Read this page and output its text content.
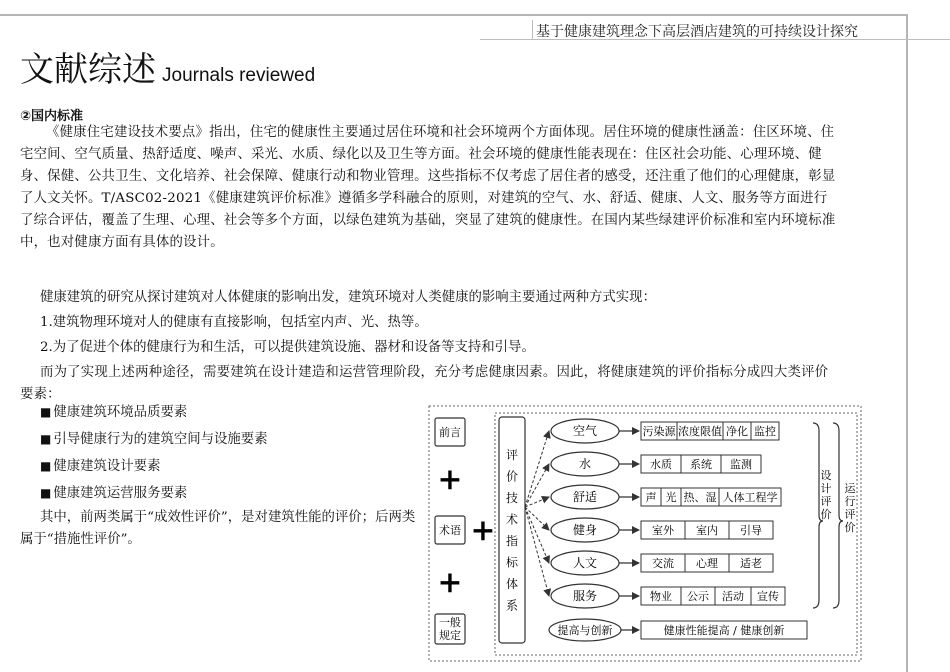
基于健康建筑理念下高层酒店建筑的可持续设计探究
文献综述 Journals reviewed
②国内标准
《健康住宅建设技术要点》指出，住宅的健康性主要通过居住环境和社会环境两个方面体现。居住环境的健康性涵盖：住区环境、住宅空间、空气质量、热舒适度、噪声、采光、水质、绿化以及卫生等方面。社会环境的健康性能表现在：住区社会功能、心理环境、健身、保健、公共卫生、文化培养、社会保障、健康行动和物业管理。这些指标不仅考虑了居住者的感受，还注重了他们的心理健康，彰显了人文关怀。T/ASC02-2021《健康建筑评价标准》遵循多学科融合的原则，对建筑的空气、水、舒适、健康、人文、服务等方面进行了综合评估，覆盖了生理、心理、社会等多个方面，以绿色建筑为基础，突显了建筑的健康性。在国内某些绿建评价标准和室内环境标准中，也对健康方面有具体的设计。
健康建筑的研究从探讨建筑对人体健康的影响出发，建筑环境对人类健康的影响主要通过两种方式实现：
1.建筑物理环境对人的健康有直接影响，包括室内声、光、热等。
2.为了促进个体的健康行为和生活，可以提供建筑设施、器材和设备等支持和引导。
而为了实现上述两种途径，需要建筑在设计建造和运营管理阶段，充分考虑健康因素。因此，将健康建筑的评价指标分成四大类评价要素：
■ 健康建筑环境品质要素
■ 引导健康行为的建筑空间与设施要素
■ 健康建筑设计要素
■ 健康建筑运营服务要素
其中，前两类属于“成效性评价”，是对建筑性能的评价；后两类属于“措施性评价”。
前言
+
术语 +
+
一般
规定
评价技术指标体系
空气	污染源 浓度限值 净化 监控
水	水质 系统 监测
舒适	声 光 热、湿 人体工程学
健身	室外 室内 引导
人文	交流 心理 适老
服务	物业 公示 活动 宣传
提高与创新	健康性能提高 / 健康创新
设计评价
运行评价
